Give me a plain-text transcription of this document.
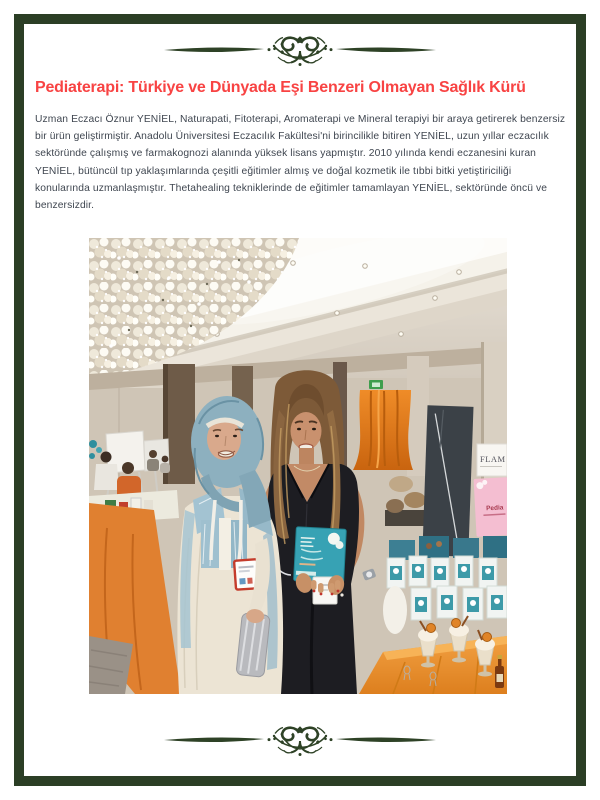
Pediaterapi: Türkiye ve Dünyada Eşi Benzeri Olmayan Sağlık Kürü

Uzman Eczacı Öznur YENİEL, Naturapati, Fitoterapi, Aromaterapi ve Mineral terapiyi bir araya getirerek benzersiz bir ürün geliştirmiştir. Anadolu Üniversitesi Eczacılık Fakültesi'ni birincilikle bitiren YENİEL, uzun yıllar eczacılık sektöründe çalışmış ve farmakognozi alanında yüksek lisans yapmıştır. 2010 yılında kendi eczanesini kuran YENİEL, bütüncül tıp yaklaşımlarında çeşitli eğitimler almış ve doğal kozmetik ile tıbbi bitki yetiştiriciliği konularında uzmanlaşmıştır. Thetahealing tekniklerinde de eğitimler tamamlayan YENİEL, sektöründe öncü ve benzersizdir.

FLAM
Pedia
